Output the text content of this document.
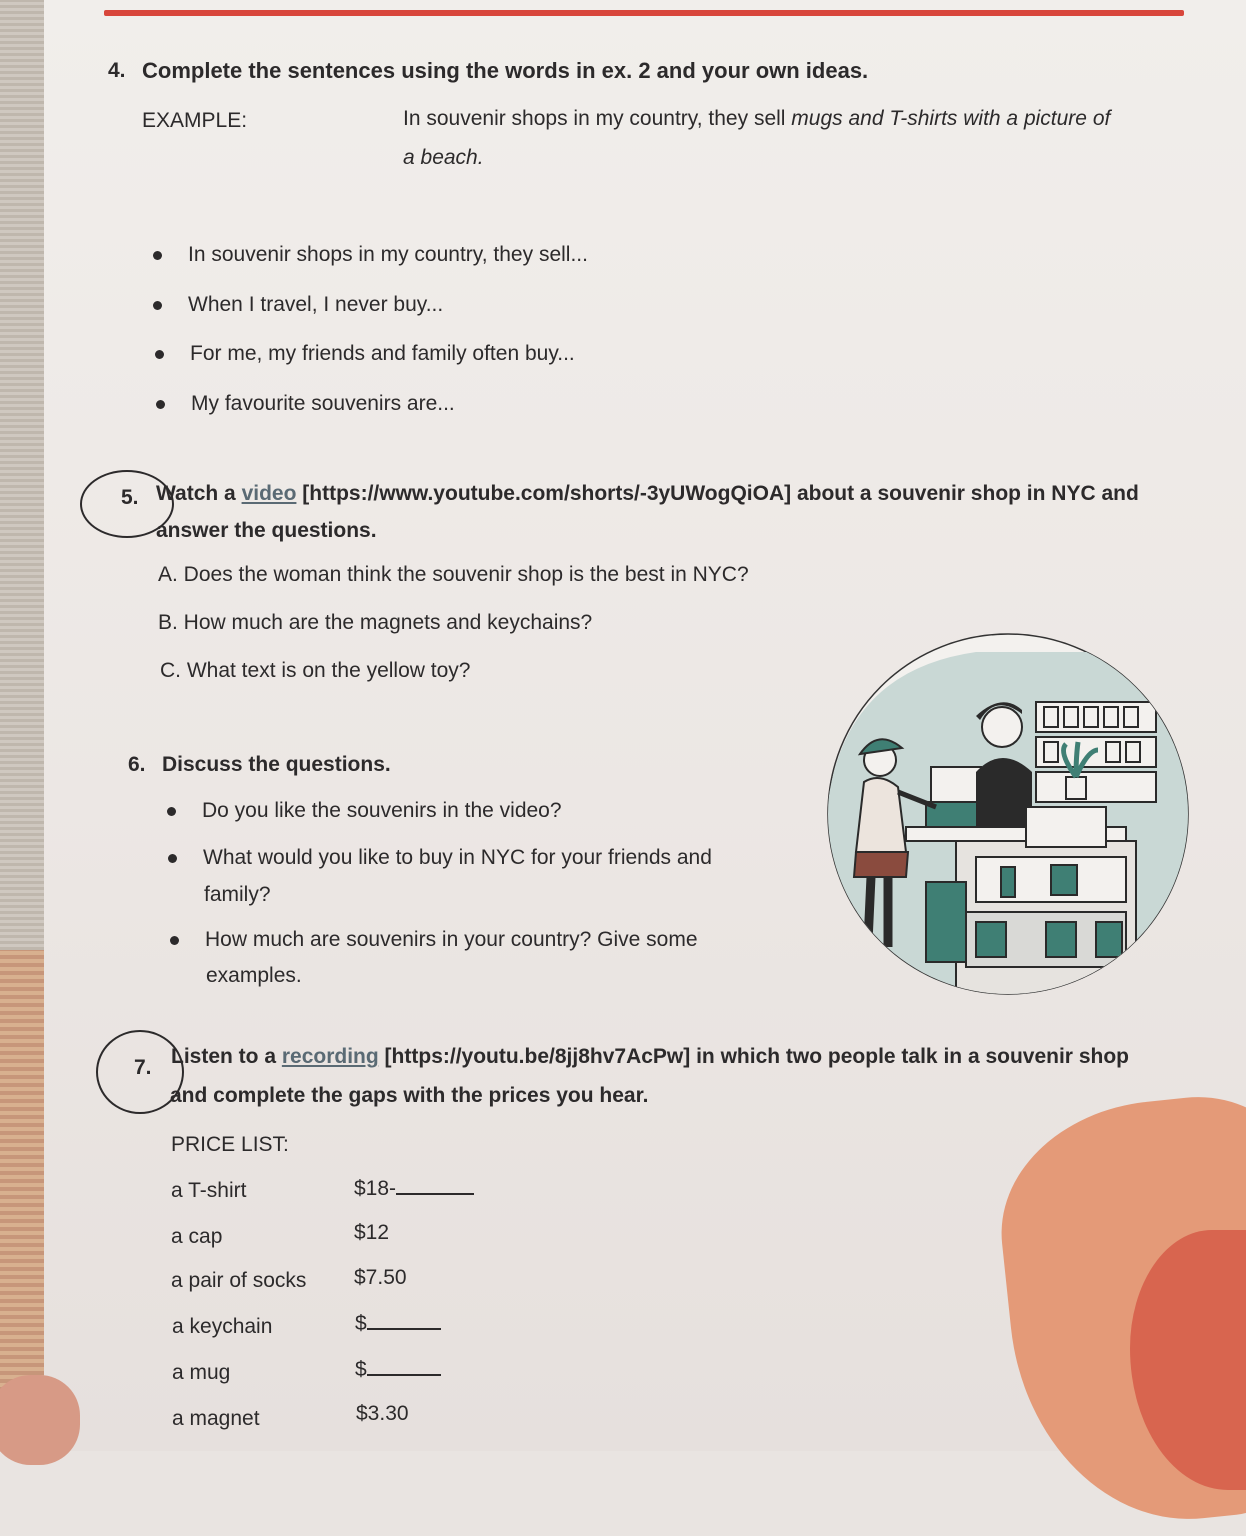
4. Complete the sentences using the words in ex. 2 and your own ideas.
EXAMPLE:	In souvenir shops in my country, they sell mugs and T-shirts with a picture of
a beach.
In souvenir shops in my country, they sell...
When I travel, I never buy...
For me, my friends and family often buy...
My favourite souvenirs are...
5. Watch a video [https://www.youtube.com/shorts/-3yUWogQiOA] about a souvenir shop in NYC and
answer the questions.
A. Does the woman think the souvenir shop is the best in NYC?
B. How much are the magnets and keychains?
C. What text is on the yellow toy?
6. Discuss the questions.
Do you like the souvenirs in the video?
What would you like to buy in NYC for your friends and
family?
How much are souvenirs in your country? Give some
examples.
7. Listen to a recording [https://youtu.be/8jj8hv7AcPw] in which two people talk in a souvenir shop
and complete the gaps with the prices you hear.
PRICE LIST:
a T-shirt	$18-
a cap	$12
a pair of socks $7.50
a keychain	$
a mug	$
a magnet	$3.30
